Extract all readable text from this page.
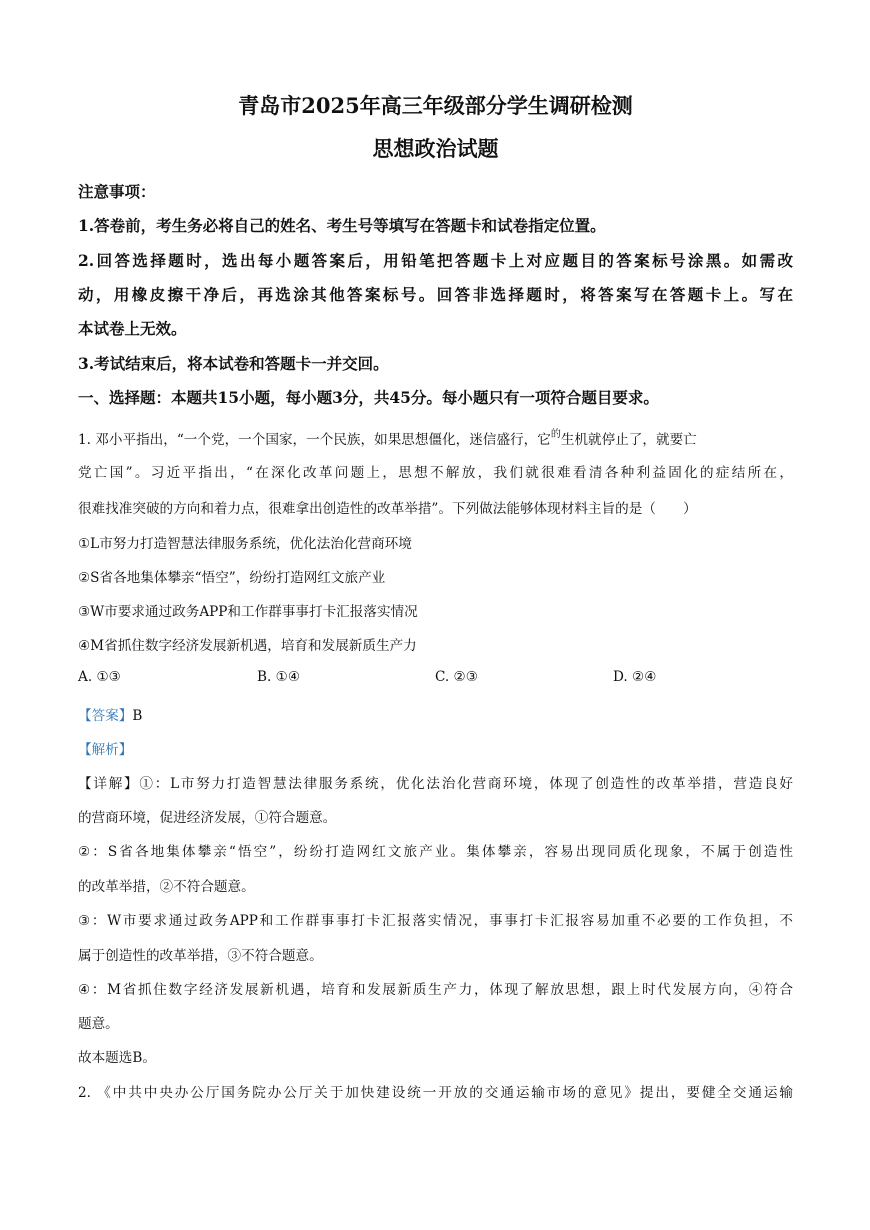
青岛市2025年高三年级部分学生调研检测
思想政治试题
注意事项：
1.答卷前，考生务必将自己的姓名、考生号等填写在答题卡和试卷指定位置。
2.回答选择题时，选出每小题答案后，用铅笔把答题卡上对应题目的答案标号涂黑。如需改
动，用橡皮擦干净后，再选涂其他答案标号。回答非选择题时，将答案写在答题卡上。写在
本试卷上无效。
3.考试结束后，将本试卷和答题卡一并交回。
一、选择题：本题共15小题，每小题3分，共45分。每小题只有一项符合题目要求。
1. 邓小平指出，“一个党，一个国家，一个民族，如果思想僵化，迷信盛行，它$^的$生机就停止了，就要亡
党亡国”。习近平指出，“在深化改革问题上，思想不解放，我们就很难看清各种利益固化的症结所在，
很难找准突破的方向和着力点，很难拿出创造性的改革举措”。下列做法能够体现材料主旨的是（　　）
①L市努力打造智慧法律服务系统，优化法治化营商环境
②S省各地集体攀亲“悟空”，纷纷打造网红文旅产业
③W市要求通过政务APP和工作群事事打卡汇报落实情况
④M省抓住数字经济发展新机遇，培育和发展新质生产力
A. ①③	B. ①④	C. ②③	D. ②④
【答案】B
【解析】
【详解】①：L市努力打造智慧法律服务系统，优化法治化营商环境，体现了创造性的改革举措，营造良好
的营商环境，促进经济发展，①符合题意。
②：S省各地集体攀亲“悟空”，纷纷打造网红文旅产业。集体攀亲，容易出现同质化现象，不属于创造性
的改革举措，②不符合题意。
③：W市要求通过政务APP和工作群事事打卡汇报落实情况，事事打卡汇报容易加重不必要的工作负担，不
属于创造性的改革举措，③不符合题意。
④：M省抓住数字经济发展新机遇，培育和发展新质生产力，体现了解放思想，跟上时代发展方向，④符合
题意。
故本题选B。
2. 《中共中央办公厅国务院办公厅关于加快建设统一开放的交通运输市场的意见》提出，要健全交通运输
